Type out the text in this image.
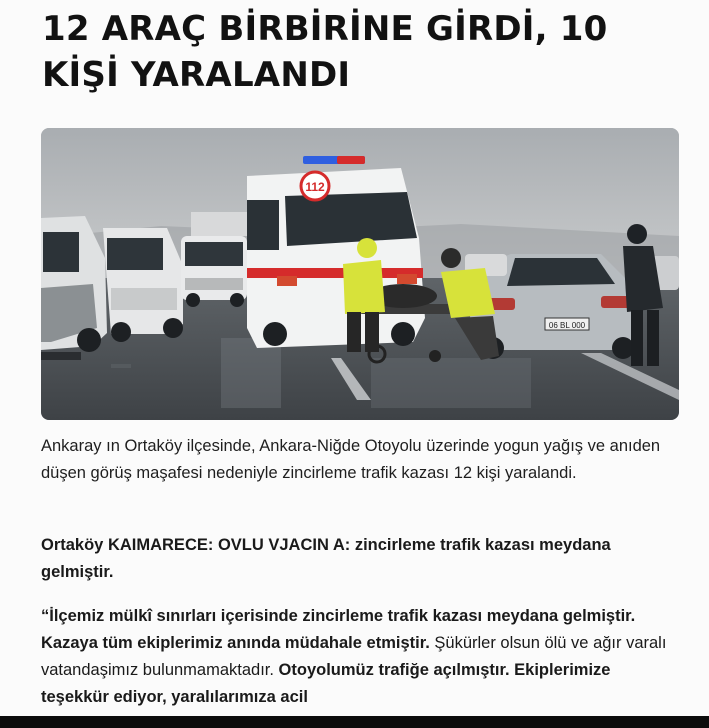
12 ARAÇ BİRBİRİNE GİRDİ, 10 KİŞİ YARALANDI
112
06 BL 000

Ankaray ın Ortaköy ilçesinde, Ankara-Niğde Otoyolu üzerinde yogun yağış ve anıden düşen görüş maşafesi nedeniyle zincirleme trafik kazası 12 kişi yaralandi.

Ortaköy KAIMARECE: OVLU VJACIN A: zincirleme trafik kazası meydana gelmiştir.

“İlçemiz mülkî sınırları içerisinde zincirleme trafik kazası meydana gelmiştir. Kazaya tüm ekiplerimiz anında müdahale etmiştir. Şükürler olsun ölü ve ağır varalı vatandaşimız bulunmamaktadır. Otoyolumüz trafiğe açılmıştır. Ekiplerimize teşekkür ediyor, yaralılarımıza acil
